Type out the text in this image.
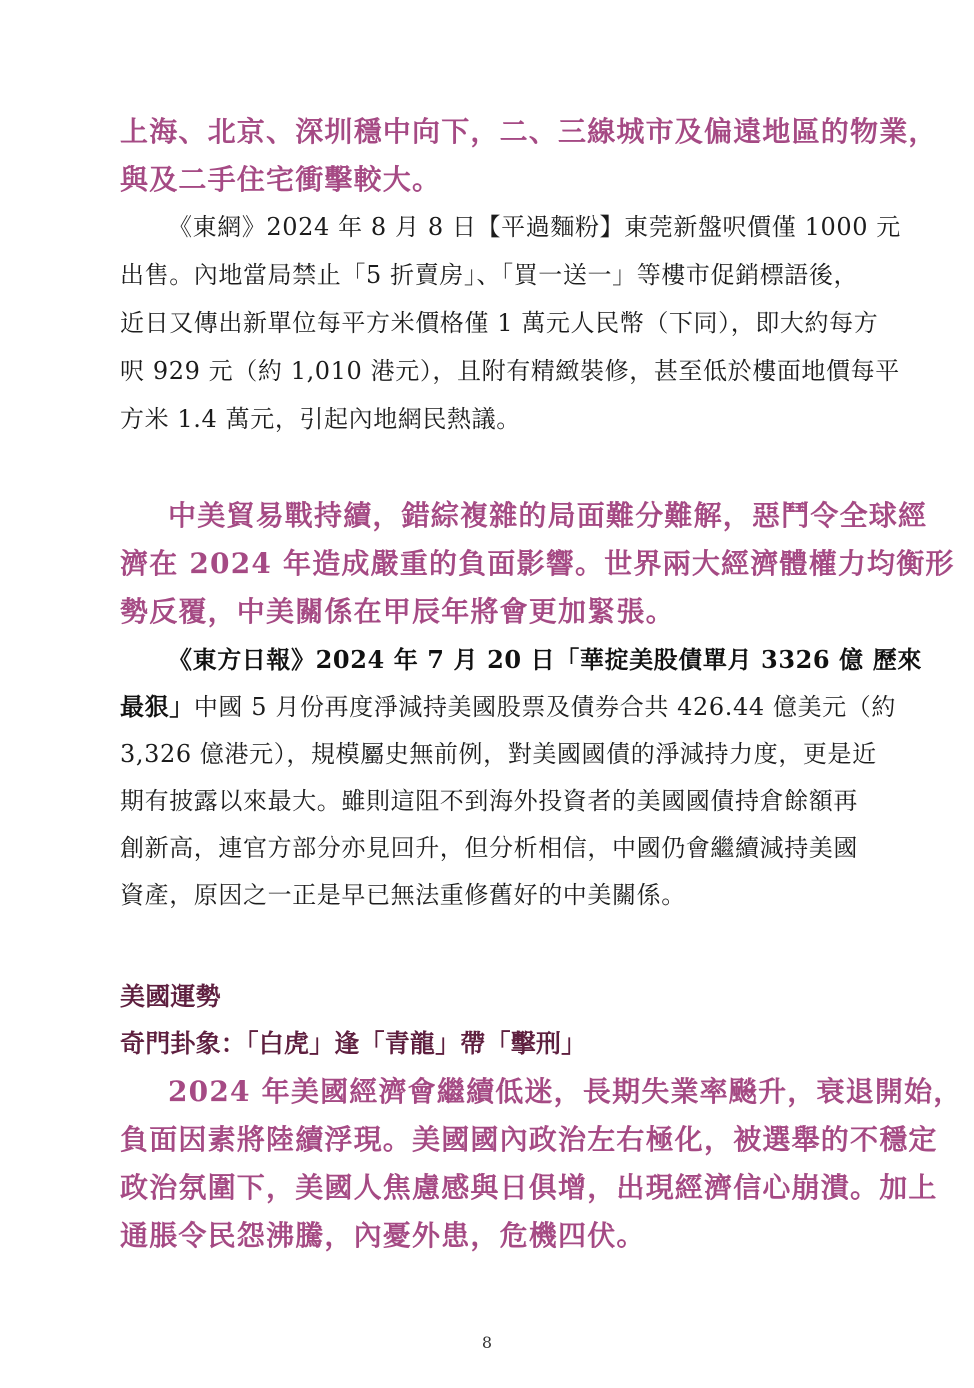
上海、北京、深圳穩中向下，二、三線城市及偏遠地區的物業，
與及二手住宅衝擊較大。
《東網》2024 年 8 月 8 日【平過麵粉】東莞新盤呎價僅 1000 元
出售。內地當局禁止「5 折賣房」、「買一送一」等樓市促銷標語後，
近日又傳出新單位每平方米價格僅 1 萬元人民幣（下同），即大約每方
呎 929 元（約 1,010 港元），且附有精緻裝修，甚至低於樓面地價每平
方米 1.4 萬元，引起內地網民熱議。
中美貿易戰持續，錯綜複雜的局面難分難解，惡鬥令全球經
濟在 2024 年造成嚴重的負面影響。世界兩大經濟體權力均衡形
勢反覆，中美關係在甲辰年將會更加緊張。
《東方日報》2024 年 7 月 20 日「華掟美股債單月 3326 億 歷來
最狠」中國 5 月份再度淨減持美國股票及債券合共 426.44 億美元（約
3,326 億港元），規模屬史無前例，對美國國債的淨減持力度，更是近
期有披露以來最大。雖則這阻不到海外投資者的美國國債持倉餘額再
創新高，連官方部分亦見回升，但分析相信，中國仍會繼續減持美國
資產，原因之一正是早已無法重修舊好的中美關係。
美國運勢
奇門卦象：「白虎」逢「青龍」帶「擊刑」
2024 年美國經濟會繼續低迷，長期失業率飈升，衰退開始，
負面因素將陸續浮現。美國國內政治左右極化，被選舉的不穩定
政治氛圍下，美國人焦慮感與日俱增，出現經濟信心崩潰。加上
通脹令民怨沸騰，內憂外患，危機四伏。
8
